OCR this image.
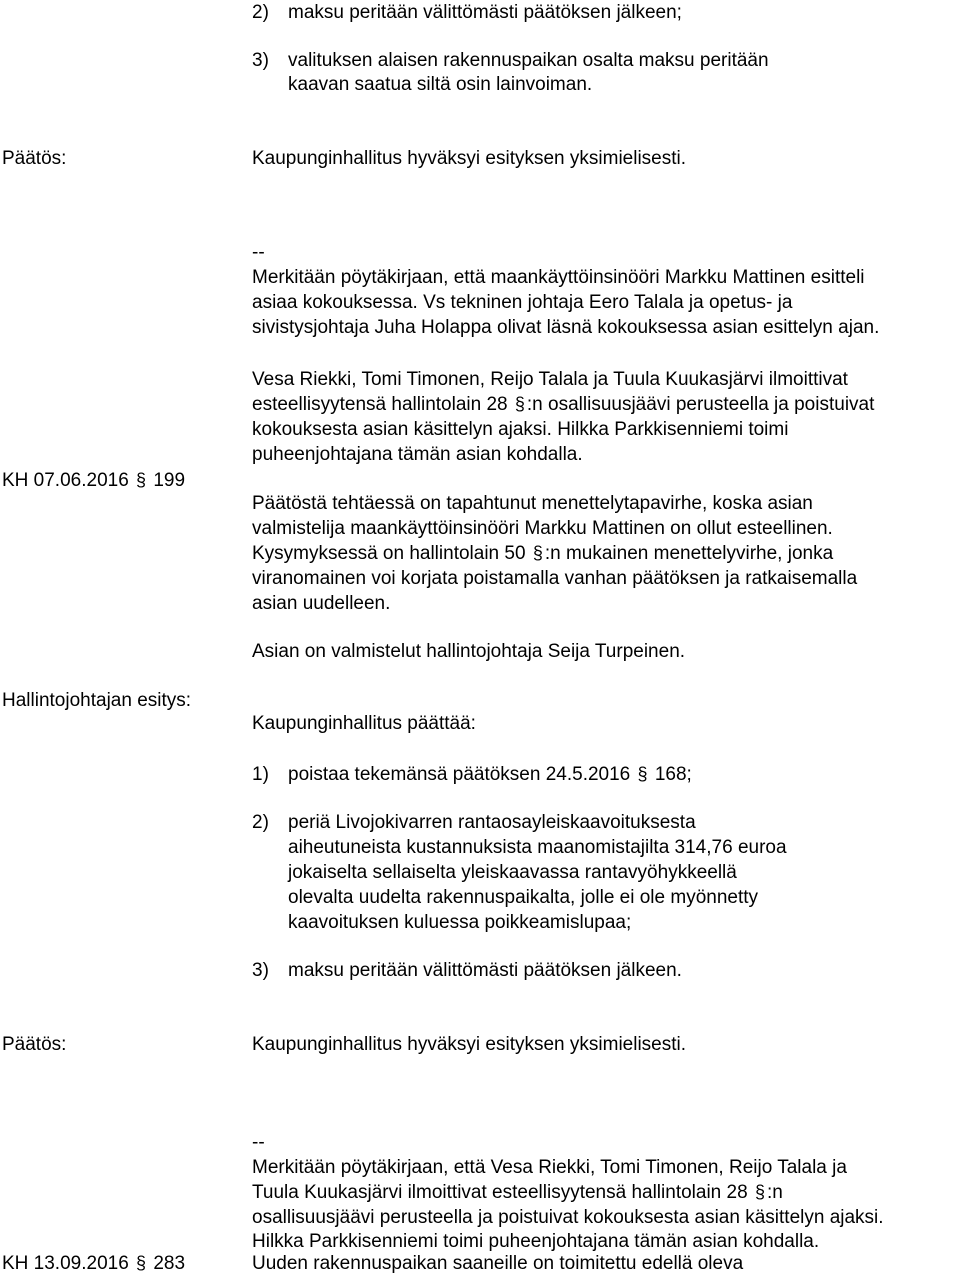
2) maksu peritään välittömästi päätöksen jälkeen;
3) valituksen alaisen rakennuspaikan osalta maksu peritään
kaavan saatua siltä osin lainvoiman.
Päätös:	Kaupunginhallitus hyväksyi esityksen yksimielisesti.
--
Merkitään pöytäkirjaan, että maankäyttöinsinööri Markku Mattinen esitteli
asiaa kokouksessa. Vs tekninen johtaja Eero Talala ja opetus- ja
sivistysjohtaja Juha Holappa olivat läsnä kokouksessa asian esittelyn ajan.
Vesa Riekki, Tomi Timonen, Reijo Talala ja Tuula Kuukasjärvi ilmoittivat
esteellisyytensä hallintolain 28 § :n osallisuusjäävi perusteella ja poistuivat
kokouksesta asian käsittelyn ajaksi. Hilkka Parkkisenniemi toimi
puheenjohtajana tämän asian kohdalla.
KH 07.06.2016 § 199
Päätöstä tehtäessä on tapahtunut menettelytapavirhe, koska asian
valmistelija maankäyttöinsinööri Markku Mattinen on ollut esteellinen.
Kysymyksessä on hallintolain 50 § :n mukainen menettelyvirhe, jonka
viranomainen voi korjata poistamalla vanhan päätöksen ja ratkaisemalla
asian uudelleen.
Asian on valmistelut hallintojohtaja Seija Turpeinen.
Hallintojohtajan esitys:
Kaupunginhallitus päättää:
1) poistaa tekemänsä päätöksen 24.5.2016 § 168;
2) periä Livojokivarren rantaosayleiskaavoituksesta
aiheutuneista kustannuksista maanomistajilta 314,76 euroa
jokaiselta sellaiselta yleiskaavassa rantavyöhykkeellä
olevalta uudelta rakennuspaikalta, jolle ei ole myönnetty
kaavoituksen kuluessa poikkeamislupaa;
3) maksu peritään välittömästi päätöksen jälkeen.
Päätös:	Kaupunginhallitus hyväksyi esityksen yksimielisesti.
--
Merkitään pöytäkirjaan, että Vesa Riekki, Tomi Timonen, Reijo Talala ja
Tuula Kuukasjärvi ilmoittivat esteellisyytensä hallintolain 28 § :n
osallisuusjäävi perusteella ja poistuivat kokouksesta asian käsittelyn ajaksi.
Hilkka Parkkisenniemi toimi puheenjohtajana tämän asian kohdalla.
Uuden rakennuspaikan saaneille on toimitettu edellä oleva
KH 13.09.2016 § 283
